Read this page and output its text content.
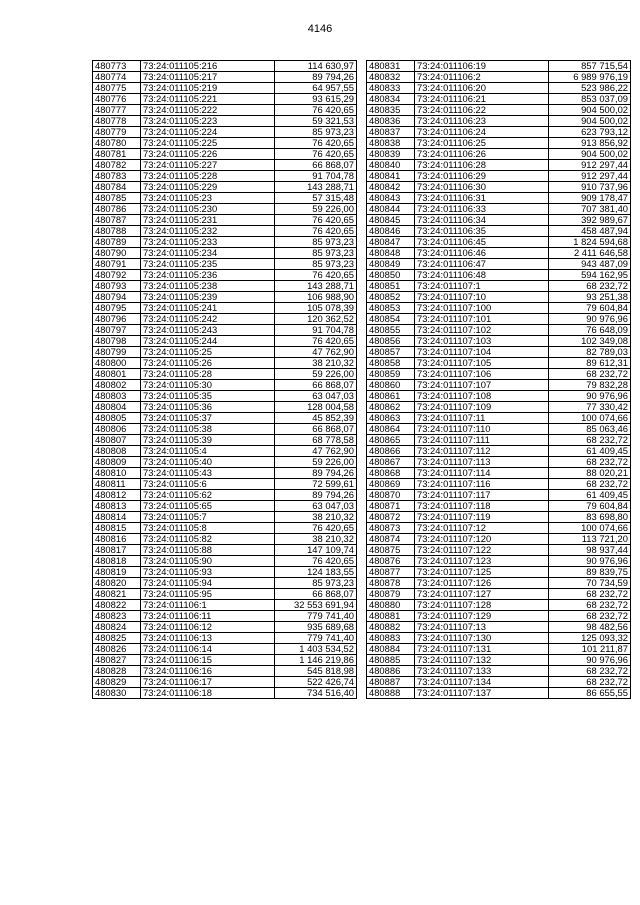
4146
480773	73:24:011105:216	114 630,97
480774	73:24:011105:217	89 794,26
480775	73:24:011105:219	64 957,55
480776	73:24:011105:221	93 615,29
480777	73:24:011105:222	76 420,65
480778	73:24:011105:223	59 321,53
480779	73:24:011105:224	85 973,23
480780	73:24:011105:225	76 420,65
480781	73:24:011105:226	76 420,65
480782	73:24:011105:227	66 868,07
480783	73:24:011105:228	91 704,78
480784	73:24:011105:229	143 288,71
480785	73:24:011105:23	57 315,48
480786	73:24:011105:230	59 226,00
480787	73:24:011105:231	76 420,65
480788	73:24:011105:232	76 420,65
480789	73:24:011105:233	85 973,23
480790	73:24:011105:234	85 973,23
480791	73:24:011105:235	85 973,23
480792	73:24:011105:236	76 420,65
480793	73:24:011105:238	143 288,71
480794	73:24:011105:239	106 988,90
480795	73:24:011105:241	105 078,39
480796	73:24:011105:242	120 362,52
480797	73:24:011105:243	91 704,78
480798	73:24:011105:244	76 420,65
480799	73:24:011105:25	47 762,90
480800	73:24:011105:26	38 210,32
480801	73:24:011105:28	59 226,00
480802	73:24:011105:30	66 868,07
480803	73:24:011105:35	63 047,03
480804	73:24:011105:36	128 004,58
480805	73:24:011105:37	45 852,39
480806	73:24:011105:38	66 868,07
480807	73:24:011105:39	68 778,58
480808	73:24:011105:4	47 762,90
480809	73:24:011105:40	59 226,00
480810	73:24:011105:43	89 794,26
480811	73:24:011105:6	72 599,61
480812	73:24:011105:62	89 794,26
480813	73:24:011105:65	63 047,03
480814	73:24:011105:7	38 210,32
480815	73:24:011105:8	76 420,65
480816	73:24:011105:82	38 210,32
480817	73:24:011105:88	147 109,74
480818	73:24:011105:90	76 420,65
480819	73:24:011105:93	124 183,55
480820	73:24:011105:94	85 973,23
480821	73:24:011105:95	66 868,07
480822	73:24:011106:1	32 553 691,94
480823	73:24:011106:11	779 741,40
480824	73:24:011106:12	935 689,68
480825	73:24:011106:13	779 741,40
480826	73:24:011106:14	1 403 534,52
480827	73:24:011106:15	1 146 219,86
480828	73:24:011106:16	545 818,98
480829	73:24:011106:17	522 426,74
480830	73:24:011106:18	734 516,40
480831	73:24:011106:19	857 715,54
480832	73:24:011106:2	6 989 976,19
480833	73:24:011106:20	523 986,22
480834	73:24:011106:21	853 037,09
480835	73:24:011106:22	904 500,02
480836	73:24:011106:23	904 500,02
480837	73:24:011106:24	623 793,12
480838	73:24:011106:25	913 856,92
480839	73:24:011106:26	904 500,02
480840	73:24:011106:28	912 297,44
480841	73:24:011106:29	912 297,44
480842	73:24:011106:30	910 737,96
480843	73:24:011106:31	909 178,47
480844	73:24:011106:33	707 381,40
480845	73:24:011106:34	392 989,67
480846	73:24:011106:35	458 487,94
480847	73:24:011106:45	1 824 594,68
480848	73:24:011106:46	2 411 646,58
480849	73:24:011106:47	943 487,09
480850	73:24:011106:48	594 162,95
480851	73:24:011107:1	68 232,72
480852	73:24:011107:10	93 251,38
480853	73:24:011107:100	79 604,84
480854	73:24:011107:101	90 976,96
480855	73:24:011107:102	76 648,09
480856	73:24:011107:103	102 349,08
480857	73:24:011107:104	82 789,03
480858	73:24:011107:105	89 612,31
480859	73:24:011107:106	68 232,72
480860	73:24:011107:107	79 832,28
480861	73:24:011107:108	90 976,96
480862	73:24:011107:109	77 330,42
480863	73:24:011107:11	100 074,66
480864	73:24:011107:110	85 063,46
480865	73:24:011107:111	68 232,72
480866	73:24:011107:112	61 409,45
480867	73:24:011107:113	68 232,72
480868	73:24:011107:114	88 020,21
480869	73:24:011107:116	68 232,72
480870	73:24:011107:117	61 409,45
480871	73:24:011107:118	79 604,84
480872	73:24:011107:119	83 698,80
480873	73:24:011107:12	100 074,66
480874	73:24:011107:120	113 721,20
480875	73:24:011107:122	98 937,44
480876	73:24:011107:123	90 976,96
480877	73:24:011107:125	89 839,75
480878	73:24:011107:126	70 734,59
480879	73:24:011107:127	68 232,72
480880	73:24:011107:128	68 232,72
480881	73:24:011107:129	68 232,72
480882	73:24:011107:13	98 482,56
480883	73:24:011107:130	125 093,32
480884	73:24:011107:131	101 211,87
480885	73:24:011107:132	90 976,96
480886	73:24:011107:133	68 232,72
480887	73:24:011107:134	68 232,72
480888	73:24:011107:137	86 655,55
